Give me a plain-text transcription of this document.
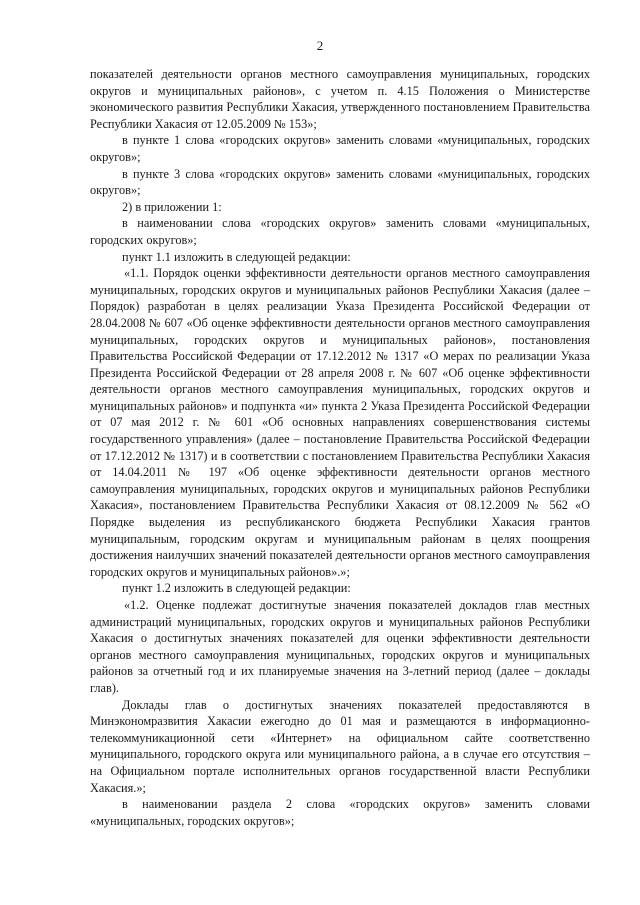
2

показателей деятельности органов местного самоуправления муниципальных, городских округов и муниципальных районов», с учетом п. 4.15 Положения о Министерстве экономического развития Республики Хакасия, утвержденного постановлением Правительства Республики Хакасия от 12.05.2009 № 153»;

в пункте 1 слова «городских округов» заменить словами «муниципальных, городских округов»;

в пункте 3 слова «городских округов» заменить словами «муниципальных, городских округов»;

2) в приложении 1:

в наименовании слова «городских округов» заменить словами «муниципальных, городских округов»;

пункт 1.1 изложить в следующей редакции:

«1.1. Порядок оценки эффективности деятельности органов местного самоуправления муниципальных, городских округов и муниципальных районов Республики Хакасия (далее – Порядок) разработан в целях реализации Указа Президента Российской Федерации от 28.04.2008 № 607 «Об оценке эффективности деятельности органов местного самоуправления муниципальных, городских округов и муниципальных районов», постановления Правительства Российской Федерации от 17.12.2012 № 1317 «О мерах по реализации Указа Президента Российской Федерации от 28 апреля 2008 г. № 607 «Об оценке эффективности деятельности органов местного самоуправления муниципальных, городских округов и муниципальных районов» и подпункта «и» пункта 2 Указа Президента Российской Федерации от 07 мая 2012 г. № 601 «Об основных направлениях совершенствования системы государственного управления» (далее – постановление Правительства Российской Федерации от 17.12.2012 № 1317) и в соответствии с постановлением Правительства Республики Хакасия от 14.04.2011 № 197 «Об оценке эффективности деятельности органов местного самоуправления муниципальных, городских округов и муниципальных районов Республики Хакасия», постановлением Правительства Республики Хакасия от 08.12.2009 № 562 «О Порядке выделения из республиканского бюджета Республики Хакасия грантов муниципальным, городским округам и муниципальным районам в целях поощрения достижения наилучших значений показателей деятельности органов местного самоуправления городских округов и муниципальных районов».»;

пункт 1.2 изложить в следующей редакции:

«1.2. Оценке подлежат достигнутые значения показателей докладов глав местных администраций муниципальных, городских округов и муниципальных районов Республики Хакасия о достигнутых значениях показателей для оценки эффективности деятельности органов местного самоуправления муниципальных, городских округов и муниципальных районов за отчетный год и их планируемые значения на 3-летний период (далее – доклады глав).

Доклады глав о достигнутых значениях показателей предоставляются в Минэкономразвития Хакасии ежегодно до 01 мая и размещаются в информационно-телекоммуникационной сети «Интернет» на официальном сайте соответственно муниципального, городского округа или муниципального района, а в случае его отсутствия – на Официальном портале исполнительных органов государственной власти Республики Хакасия.»;

в наименовании раздела 2 слова «городских округов» заменить словами «муниципальных, городских округов»;
